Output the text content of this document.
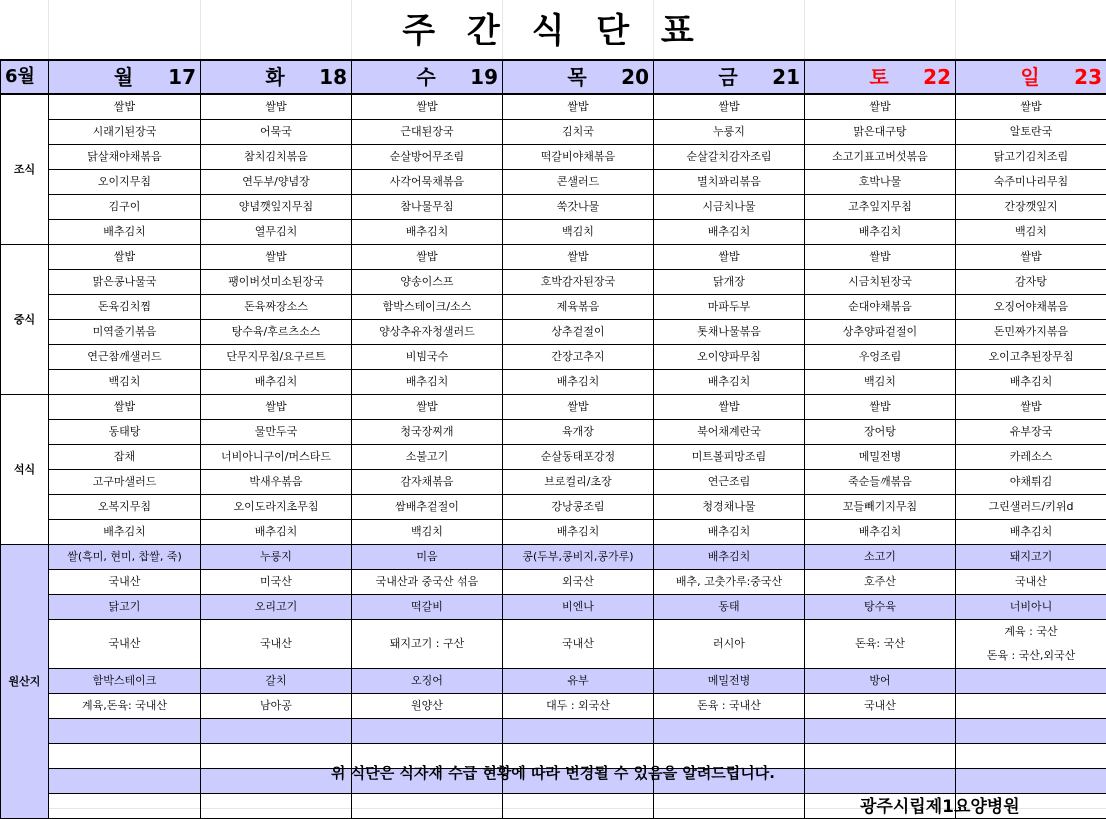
주 간 식 단 표
6월	월 17	화 18	수 19	목 20	금 21	토 22	일 23

조식	쌀밥	쌀밥	쌀밥	쌀밥	쌀밥	쌀밥	쌀밥
	시래기된장국	어묵국	근대된장국	김치국	누룽지	맑은대구탕	알토란국
	닭살채야채볶음	참치김치볶음	순살방어무조림	떡갈비야채볶음	순살갈치감자조림	소고기표고버섯볶음	닭고기김치조림
	오이지무침	연두부/양념장	사각어묵채볶음	콘샐러드	멸치꽈리볶음	호박나물	숙주미나리무침
	김구이	양념깻잎지무침	참나물무침	쑥갓나물	시금치나물	고추잎지무침	간장깻잎지
	배추김치	열무김치	배추김치	백김치	배추김치	배추김치	백김치
중식	쌀밥	쌀밥	쌀밥	쌀밥	쌀밥	쌀밥	쌀밥
	맑은콩나물국	팽이버섯미소된장국	양송이스프	호박감자된장국	닭개장	시금치된장국	감자탕
	돈육김치찜	돈육짜장소스	함박스테이크/소스	제육볶음	마파두부	순대야채볶음	오징어야채볶음
	미역줄기볶음	탕수육/후르츠소스	양상추유자청샐러드	상추겉절이	톳채나물볶음	상추양파겉절이	돈민짜가지볶음
	연근참깨샐러드	단무지무침/요구르트	비빔국수	간장고추지	오이양파무침	우엉조림	오이고추된장무침
	백김치	배추김치	배추김치	배추김치	배추김치	백김치	배추김치
석식	쌀밥	쌀밥	쌀밥	쌀밥	쌀밥	쌀밥	쌀밥
	동태탕	물만두국	청국장찌개	육개장	북어채계란국	장어탕	유부장국
	잡채	너비아니구이/머스타드	소불고기	순살동태포강정	미트볼피망조림	메밀전병	카레소스
	고구마샐러드	박새우볶음	감자채볶음	브로컬리/초장	연근조림	죽순들깨볶음	야채튀김
	오복지무침	오이도라지초무침	쌈배추겉절이	강낭콩조림	청경채나물	꼬들빼기지무침	그린샐러드/키위d
	배추김치	배추김치	백김치	배추김치	배추김치	배추김치	배추김치
원산지	쌀(흑미, 현미, 찹쌀, 죽)	누룽지	미음	콩(두부,콩비지,콩가루)	배추김치	소고기	돼지고기
	국내산	미국산	국내산과 중국산 섞음	외국산	배추, 고춧가루:중국산	호주산	국내산
	닭고기	오리고기	떡갈비	비엔나	동태	탕수육	너비아니
	국내산	국내산	돼지고기 : 구산	국내산	러시아	돈육: 국산	계육 : 국산
돈육 : 국산,외국산

	함박스테이크	갈치	오징어	유부	메밀전병	방어	
	계육,돈육: 국내산	남아공	원양산	대두 : 외국산	돈육 : 국내산	국내산	

위 식단은 식자재 수급 현황에 따라 변경될 수 있음을 알려드립니다.
광주시립제1요양병원
